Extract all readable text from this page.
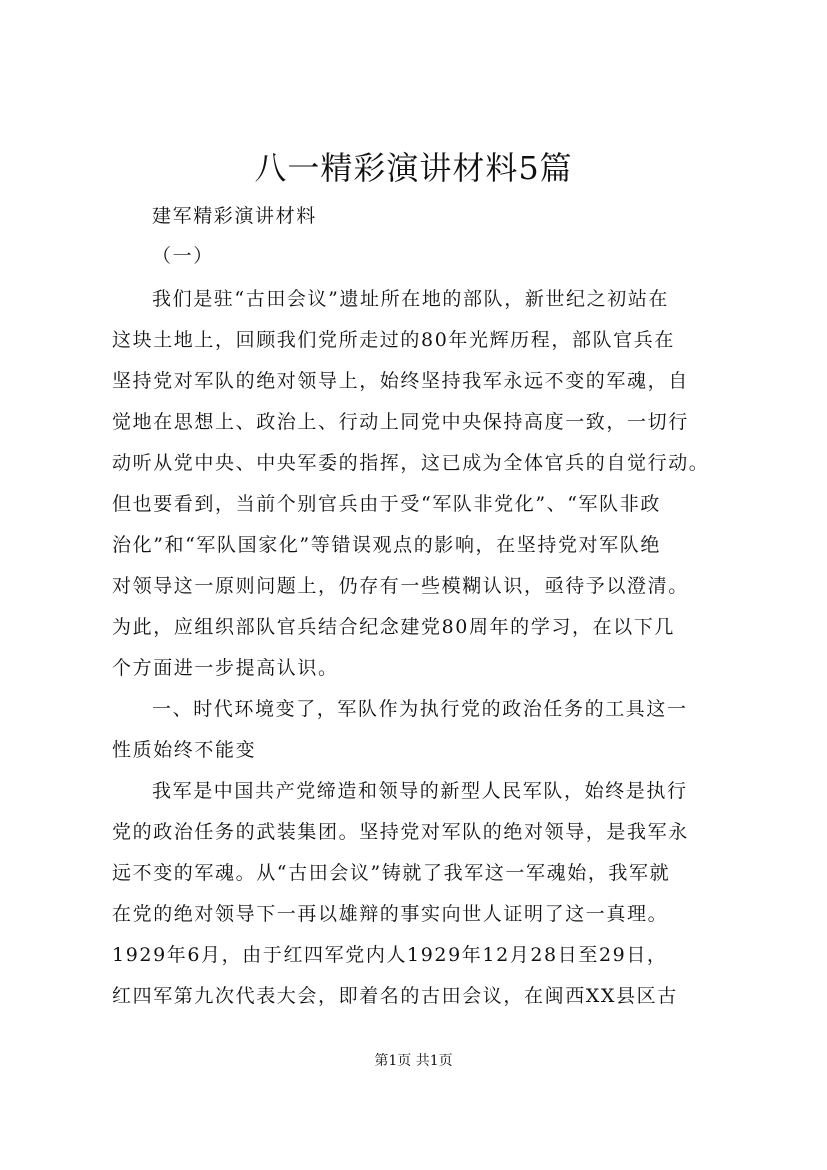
八一精彩演讲材料5篇
建军精彩演讲材料
（一）
我们是驻“古田会议”遗址所在地的部队，新世纪之初站在
这块土地上，回顾我们党所走过的80年光辉历程，部队官兵在
坚持党对军队的绝对领导上，始终坚持我军永远不变的军魂，自
觉地在思想上、政治上、行动上同党中央保持高度一致，一切行
动听从党中央、中央军委的指挥，这已成为全体官兵的自觉行动。
但也要看到，当前个别官兵由于受“军队非党化”、“军队非政
治化”和“军队国家化”等错误观点的影响，在坚持党对军队绝
对领导这一原则问题上，仍存有一些模糊认识，亟待予以澄清。
为此，应组织部队官兵结合纪念建党80周年的学习，在以下几
个方面进一步提高认识。
一、时代环境变了，军队作为执行党的政治任务的工具这一
性质始终不能变
我军是中国共产党缔造和领导的新型人民军队，始终是执行
党的政治任务的武装集团。坚持党对军队的绝对领导，是我军永
远不变的军魂。从“古田会议”铸就了我军这一军魂始，我军就
在党的绝对领导下一再以雄辩的事实向世人证明了这一真理。
1929年6月，由于红四军党内人1929年12月28日至29日，
红四军第九次代表大会，即着名的古田会议，在闽西XX县区古
第1页 共1页
